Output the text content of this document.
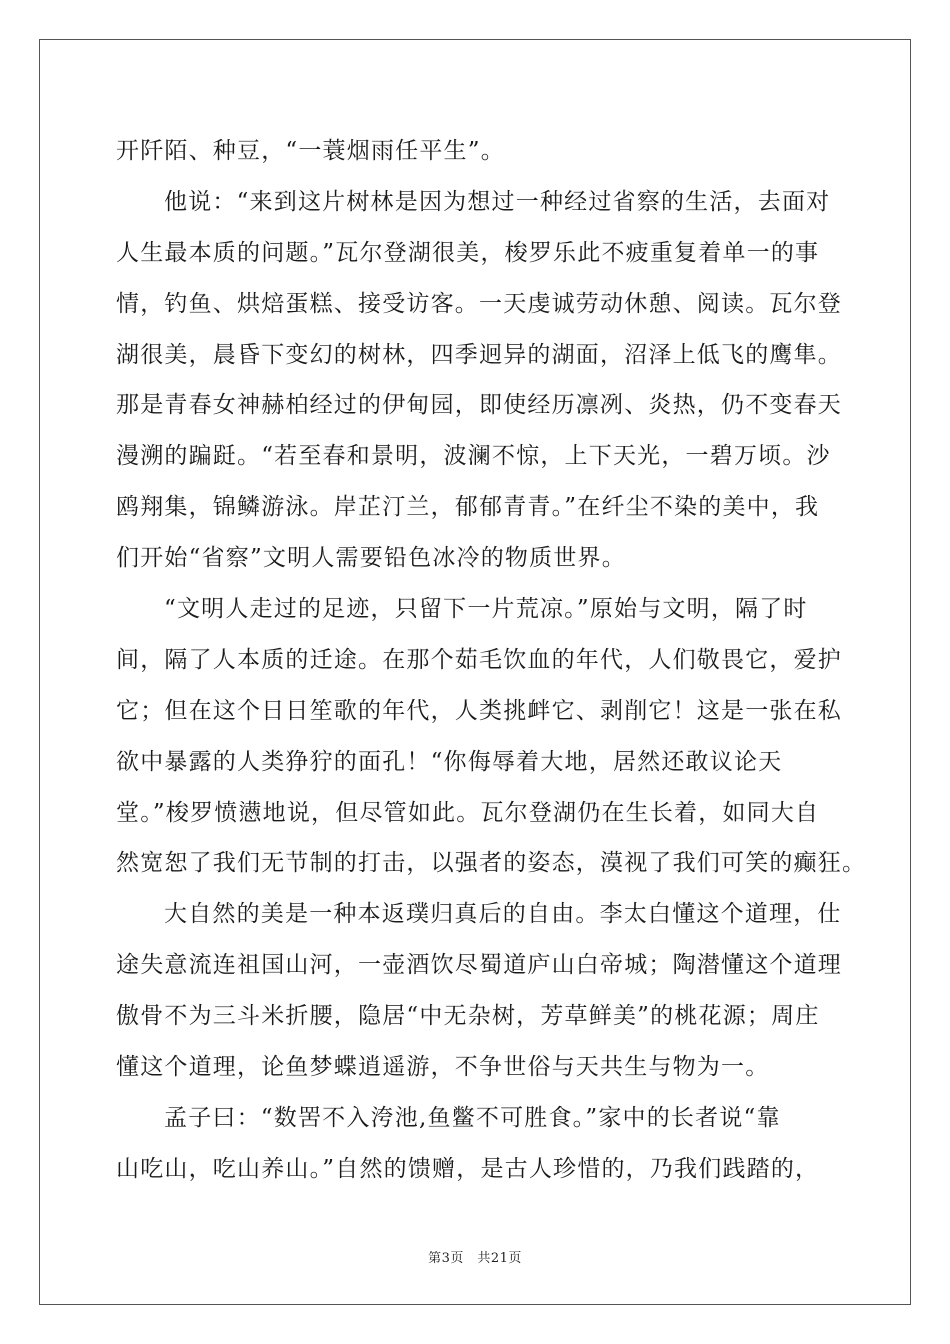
开阡陌、种豆，“一蓑烟雨任平生”。
他说：“来到这片树林是因为想过一种经过省察的生活，去面对
人生最本质的问题。”瓦尔登湖很美，梭罗乐此不疲重复着单一的事
情，钓鱼、烘焙蛋糕、接受访客。一天虔诚劳动休憩、阅读。瓦尔登
湖很美，晨昏下变幻的树林，四季迥异的湖面，沼泽上低飞的鹰隼。
那是青春女神赫柏经过的伊甸园，即使经历凛冽、炎热，仍不变春天
漫溯的蹁跹。“若至春和景明，波澜不惊，上下天光，一碧万顷。沙
鸥翔集，锦鳞游泳。岸芷汀兰，郁郁青青。”在纤尘不染的美中，我
们开始“省察”文明人需要铅色冰冷的物质世界。
“文明人走过的足迹，只留下一片荒凉。”原始与文明，隔了时
间，隔了人本质的迁途。在那个茹毛饮血的年代，人们敬畏它，爱护
它；但在这个日日笙歌的年代，人类挑衅它、剥削它！这是一张在私
欲中暴露的人类狰狞的面孔！“你侮辱着大地，居然还敢议论天
堂。”梭罗愤懑地说，但尽管如此。瓦尔登湖仍在生长着，如同大自
然宽恕了我们无节制的打击，以强者的姿态，漠视了我们可笑的癫狂。
大自然的美是一种本返璞归真后的自由。李太白懂这个道理，仕
途失意流连祖国山河，一壶酒饮尽蜀道庐山白帝城；陶潜懂这个道理
傲骨不为三斗米折腰，隐居“中无杂树，芳草鲜美”的桃花源；周庄
懂这个道理，论鱼梦蝶逍遥游，不争世俗与天共生与物为一。
孟子曰：“数罟不入洿池,鱼鳖不可胜食。”家中的长者说“靠
山吃山，吃山养山。”自然的馈赠，是古人珍惜的，乃我们践踏的，
第3页　共21页
